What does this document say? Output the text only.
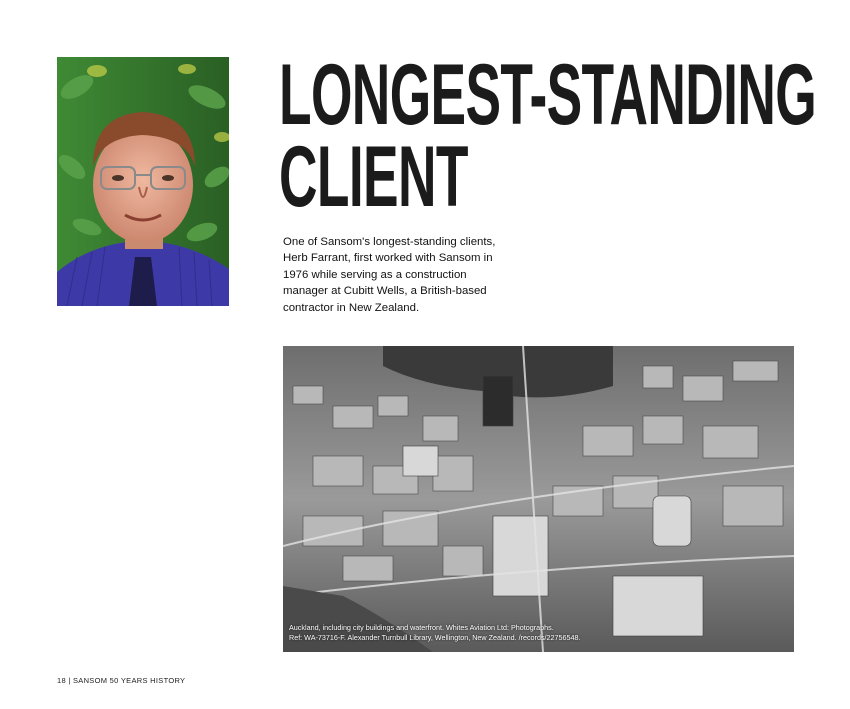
LONGEST-STANDING
CLIENT

One of Sansom's longest-standing clients, Herb Farrant, first worked with Sansom in 1976 while serving as a construction manager at Cubitt Wells, a British-based contractor in New Zealand.

Auckland, including city buildings and waterfront. Whites Aviation Ltd: Photographs.
Ref: WA-73716-F. Alexander Turnbull Library, Wellington, New Zealand. /records/22756548.
18 | SANSOM 50 YEARS HISTORY
